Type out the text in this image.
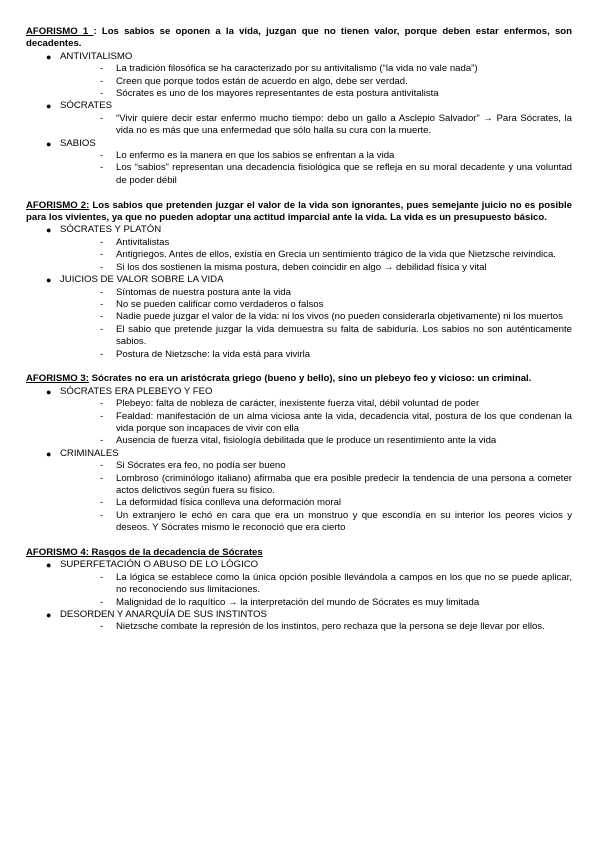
AFORISMO 1 : Los sabios se oponen a la vida, juzgan que no tienen valor, porque deben estar enfermos, son decadentes.

● ANTIVITALISMO
- La tradición filosófica se ha caracterizado por su antivitalismo (“la vida no vale nada”)
- Creen que porque todos están de acuerdo en algo, debe ser verdad.
- Sócrates es uno de los mayores representantes de esta postura antivitalista
● SÓCRATES
- “Vivir quiere decir estar enfermo mucho tiempo: debo un gallo a Asclepio Salvador” → Para Sócrates, la vida no es más que una enfermedad que sólo halla su cura con la muerte.
● SABIOS
- Lo enfermo es la manera en que los sabios se enfrentan a la vida
- Los “sabios” representan una decadencia fisiológica que se refleja en su moral decadente y una voluntad de poder débil

AFORISMO 2: Los sabios que pretenden juzgar el valor de la vida son ignorantes, pues semejante juicio no es posible para los vivientes, ya que no pueden adoptar una actitud imparcial ante la vida. La vida es un presupuesto básico.

● SÓCRATES Y PLATÓN
- Antivitalistas
- Antigriegos. Antes de ellos, existía en Grecia un sentimiento trágico de la vida que Nietzsche reivindica.
- Si los dos sostienen la misma postura, deben coincidir en algo → debilidad física y vital
● JUICIOS DE VALOR SOBRE LA VIDA
- Síntomas de nuestra postura ante la vida
- No se pueden calificar como verdaderos o falsos
- Nadie puede juzgar el valor de la vida: ni los vivos (no pueden considerarla objetivamente) ni los muertos
- El sabio que pretende juzgar la vida demuestra su falta de sabiduría. Los sabios no son auténticamente sabios.
- Postura de Nietzsche: la vida está para vivirla

AFORISMO 3: Sócrates no era un aristócrata griego (bueno y bello), sino un plebeyo feo y vicioso: un criminal.

● SÓCRATES ERA PLEBEYO Y FEO
- Plebeyo: falta de nobleza de carácter, inexistente fuerza vital, débil voluntad de poder
- Fealdad: manifestación de un alma viciosa ante la vida, decadencia vital, postura de los que condenan la vida porque son incapaces de vivir con ella
- Ausencia de fuerza vital, fisiología debilitada que le produce un resentimiento ante la vida
● CRIMINALES
- Si Sócrates era feo, no podía ser bueno
- Lombroso (criminólogo italiano) afirmaba que era posible predecir la tendencia de una persona a cometer actos delictivos según fuera su físico.
- La deformidad física conlleva una deformación moral
- Un extranjero le echó en cara que era un monstruo y que escondía en su interior los peores vicios y deseos. Y Sócrates mismo le reconoció que era cierto

AFORISMO 4: Rasgos de la decadencia de Sócrates

● SUPERFETACIÓN O ABUSO DE LO LÓGICO
- La lógica se establece como la única opción posible llevándola a campos en los que no se puede aplicar, no reconociendo sus limitaciones.
- Malignidad de lo raquítico → la interpretación del mundo de Sócrates es muy limitada
● DESORDEN Y ANARQUÍA DE SUS INSTINTOS
- Nietzsche combate la represión de los instintos, pero rechaza que la persona se deje llevar por ellos.
